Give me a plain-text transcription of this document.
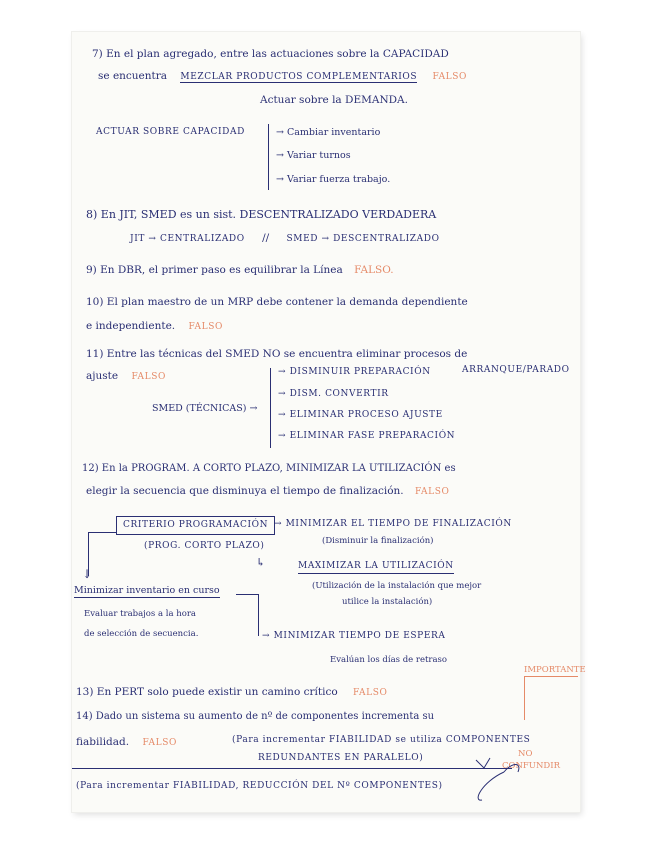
7) En el plan agregado, entre las actuaciones sobre la CAPACIDAD
se encuentra MEZCLAR PRODUCTOS COMPLEMENTARIOS FALSO
Actuar sobre la DEMANDA.
ACTUAR SOBRE CAPACIDAD	→ Cambiar inventario
→ Variar turnos
→ Variar fuerza trabajo.
8) En JIT, SMED es un sist. DESCENTRALIZADO VERDADERA
JIT → CENTRALIZADO // SMED → DESCENTRALIZADO
9) En DBR, el primer paso es equilibrar la Línea FALSO.
10) El plan maestro de un MRP debe contener la demanda dependiente
e independiente. FALSO
11) Entre las técnicas del SMED NO se encuentra eliminar procesos de
ajuste FALSO
SMED (TÉCNICAS) →
→ DISMINUIR PREPARACIÓN	ARRANQUE/PARADO
→ DISM. CONVERTIR
→ ELIMINAR PROCESO AJUSTE
→ ELIMINAR FASE PREPARACIÓN
12) En la PROGRAM. A CORTO PLAZO, MINIMIZAR LA UTILIZACIÓN es
elegir la secuencia que disminuya el tiempo de finalización. FALSO
CRITERIO PROGRAMACIÓN
(PROG. CORTO PLAZO)
→ MINIMIZAR EL TIEMPO DE FINALIZACIÓN
(Disminuir la finalización)
↳	MAXIMIZAR LA UTILIZACIÓN
(Utilización de la instalación que mejor
utilice la instalación)
↓
Minimizar inventario en curso
Evaluar trabajos a la hora
de selección de secuencia.	→ MINIMIZAR TIEMPO DE ESPERA
Evalúan los días de retraso
IMPORTANTE
13) En PERT solo puede existir un camino crítico FALSO
14) Dado un sistema su aumento de nº de componentes incrementa su
fiabilidad. FALSO	(Para incrementar FIABILIDAD se utiliza COMPONENTES
REDUNDANTES EN PARALELO)	NO
CONFUNDIR
(Para incrementar FIABILIDAD, REDUCCIÓN DEL Nº COMPONENTES)
